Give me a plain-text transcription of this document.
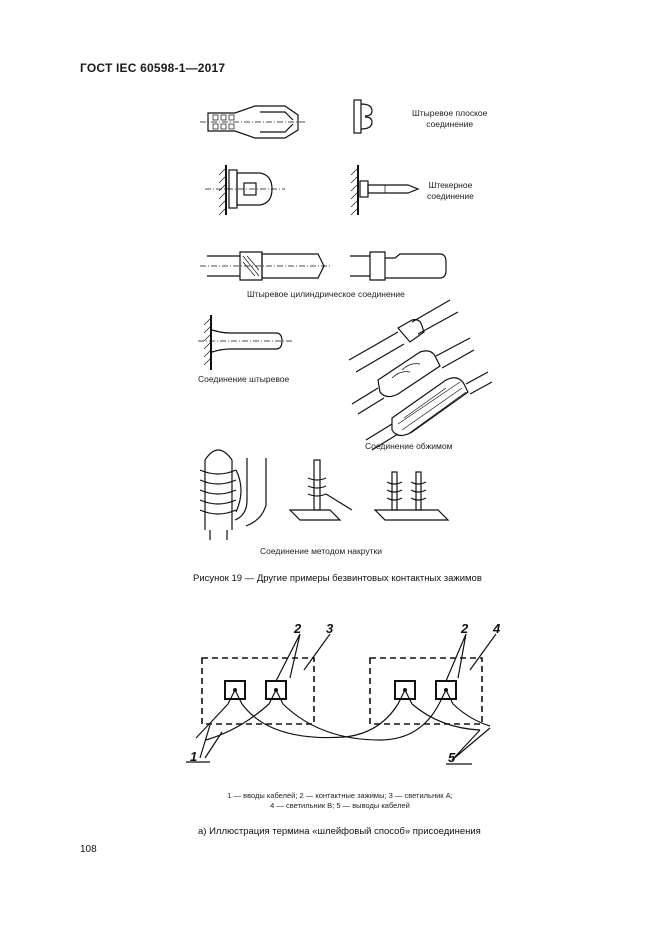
ГОСТ IEC 60598-1—2017
2 3	2 4
1	5
Штыревое плоское
соединение
Штекерное
соединение
Штыревое цилиндрическое соединение
Соединение штыревое
Соединение обжимом
Соединение методом накрутки
Рисунок 19 — Другие примеры безвинтовых контактных зажимов
1 — вводы кабелей; 2 — контактные зажимы; 3 — светильник А;
4 — светильник В; 5 — выводы кабелей
а) Иллюстрация термина «шлейфовый способ» присоединения
108
